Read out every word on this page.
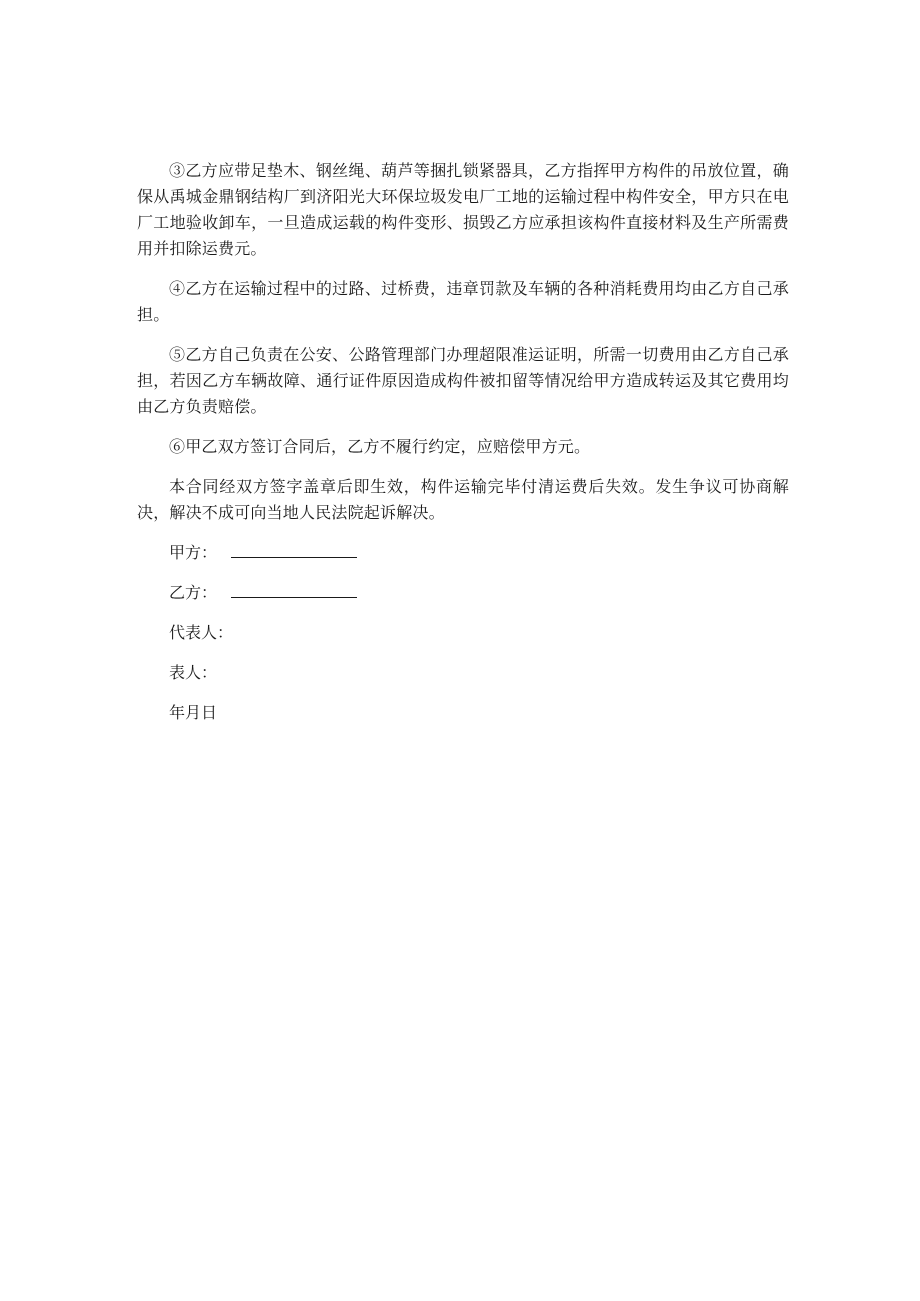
③乙方应带足垫木、钢丝绳、葫芦等捆扎锁紧器具，乙方指挥甲方构件的吊放位置，确保从禹城金鼎钢结构厂到济阳光大环保垃圾发电厂工地的运输过程中构件安全，甲方只在电厂工地验收卸车，一旦造成运载的构件变形、损毁乙方应承担该构件直接材料及生产所需费用并扣除运费元。

④乙方在运输过程中的过路、过桥费，违章罚款及车辆的各种消耗费用均由乙方自己承担。

⑤乙方自己负责在公安、公路管理部门办理超限准运证明，所需一切费用由乙方自己承担，若因乙方车辆故障、通行证件原因造成构件被扣留等情况给甲方造成转运及其它费用均由乙方负责赔偿。

⑥甲乙双方签订合同后，乙方不履行约定，应赔偿甲方元。

本合同经双方签字盖章后即生效，构件运输完毕付清运费后失效。发生争议可协商解决，解决不成可向当地人民法院起诉解决。

甲方：
乙方：
代表人：
表人：
年月日
